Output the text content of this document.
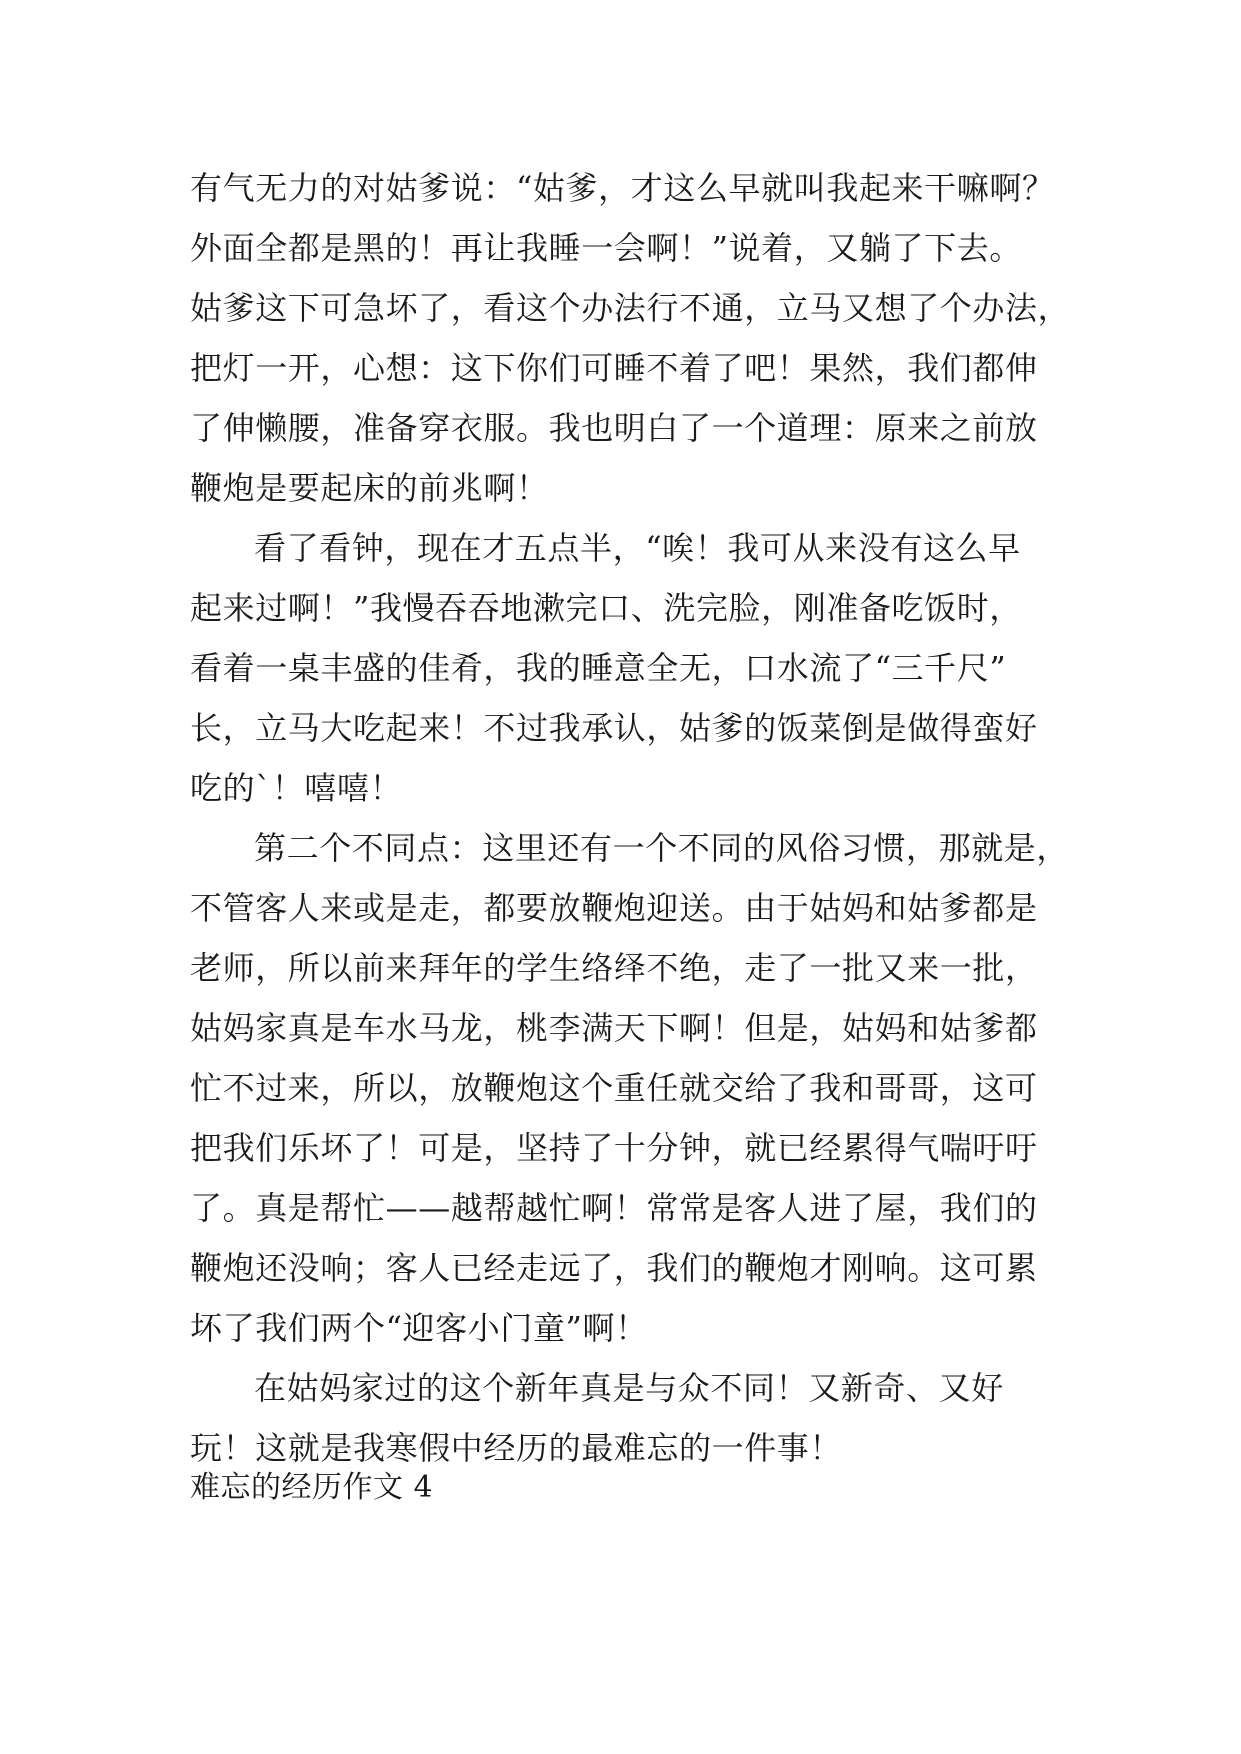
有气无力的对姑爹说：“姑爹，才这么早就叫我起来干嘛啊？
外面全都是黑的！再让我睡一会啊！”说着，又躺了下去。
姑爹这下可急坏了，看这个办法行不通，立马又想了个办法，
把灯一开，心想：这下你们可睡不着了吧！果然，我们都伸
了伸懒腰，准备穿衣服。我也明白了一个道理：原来之前放
鞭炮是要起床的前兆啊！
看了看钟，现在才五点半，“唉！我可从来没有这么早
起来过啊！”我慢吞吞地漱完口、洗完脸，刚准备吃饭时，
看着一桌丰盛的佳肴，我的睡意全无，口水流了“三千尺”
长，立马大吃起来！不过我承认，姑爹的饭菜倒是做得蛮好
吃的`！嘻嘻！
第二个不同点：这里还有一个不同的风俗习惯，那就是，
不管客人来或是走，都要放鞭炮迎送。由于姑妈和姑爹都是
老师，所以前来拜年的学生络绎不绝，走了一批又来一批，
姑妈家真是车水马龙，桃李满天下啊！但是，姑妈和姑爹都
忙不过来，所以，放鞭炮这个重任就交给了我和哥哥，这可
把我们乐坏了！可是，坚持了十分钟，就已经累得气喘吁吁
了。真是帮忙——越帮越忙啊！常常是客人进了屋，我们的
鞭炮还没响；客人已经走远了，我们的鞭炮才刚响。这可累
坏了我们两个“迎客小门童”啊！
在姑妈家过的这个新年真是与众不同！又新奇、又好
玩！这就是我寒假中经历的最难忘的一件事！
难忘的经历作文 4
